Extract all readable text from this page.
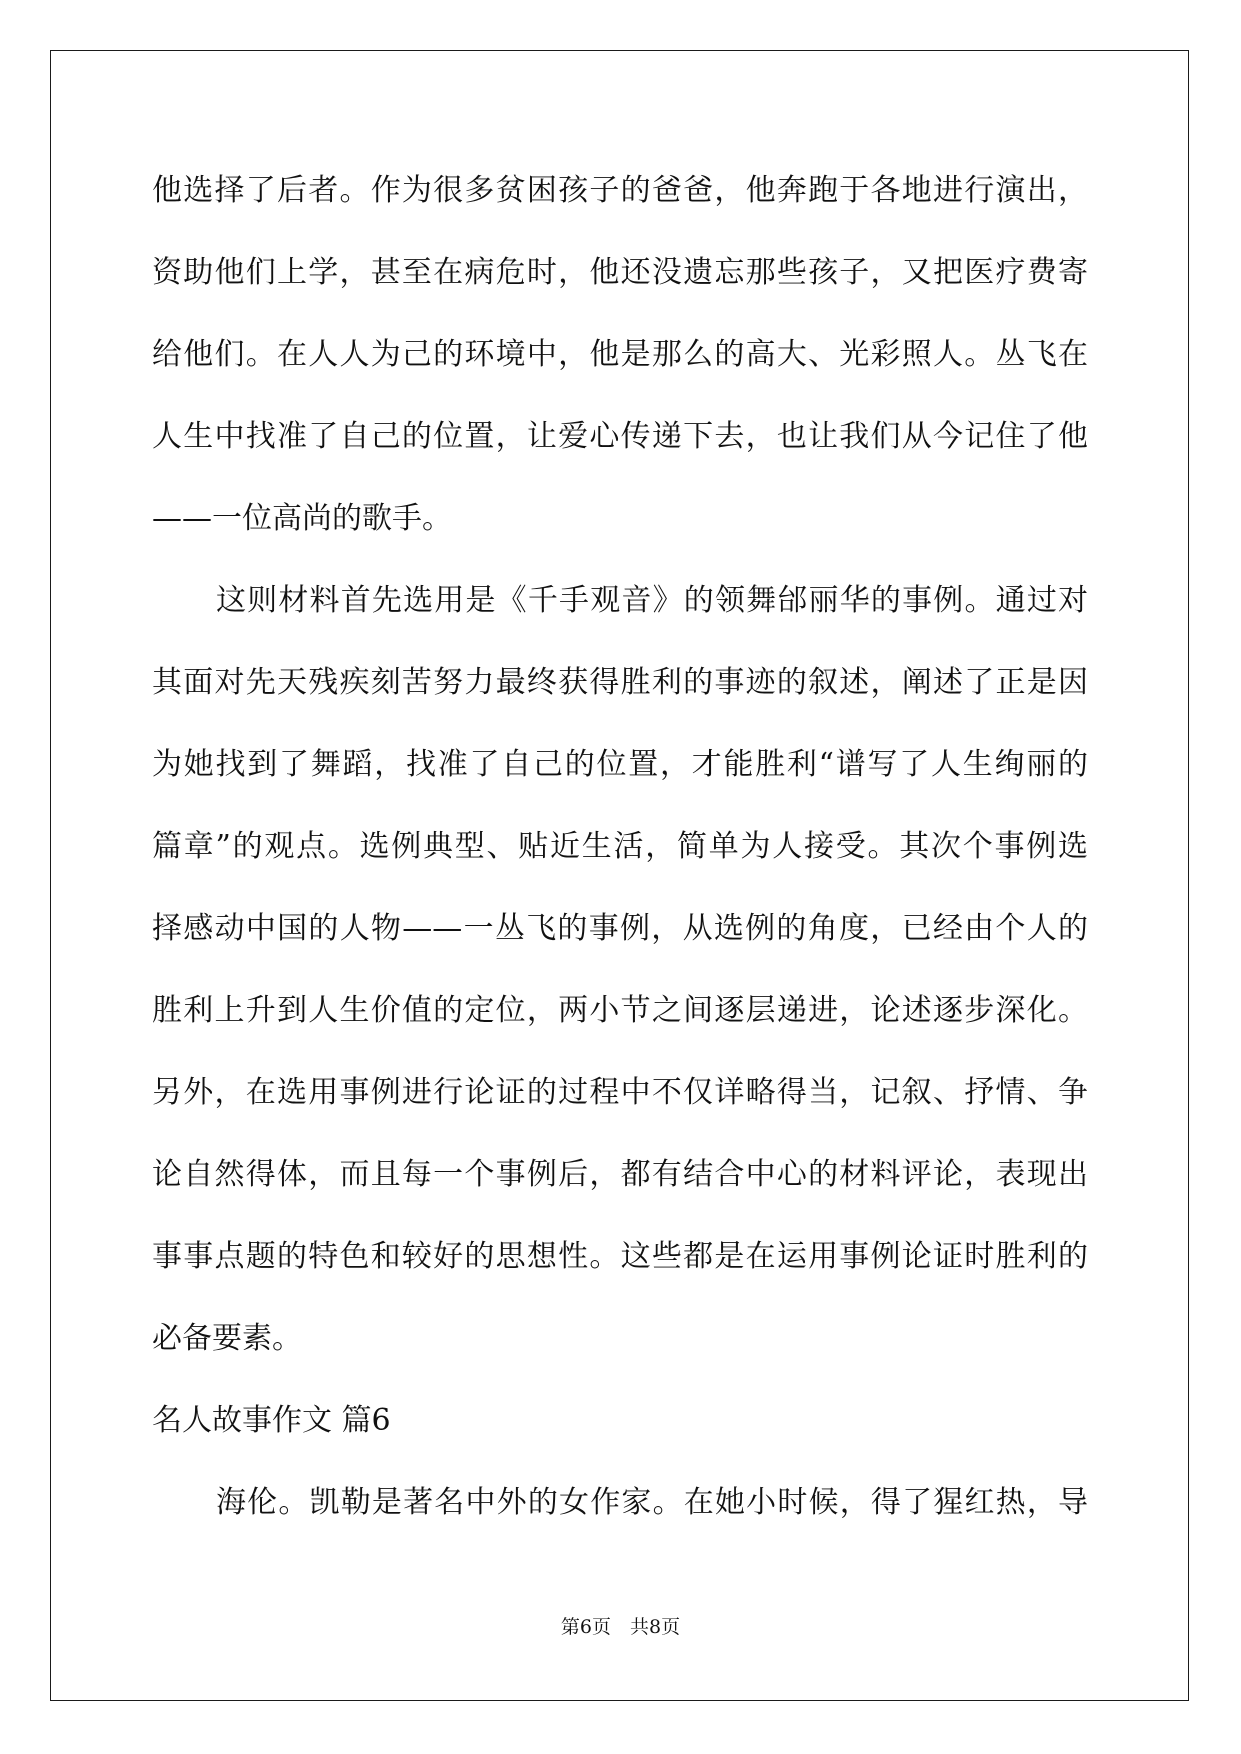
他选择了后者。作为很多贫困孩子的爸爸，他奔跑于各地进行演出，
资助他们上学，甚至在病危时，他还没遗忘那些孩子，又把医疗费寄
给他们。在人人为己的环境中，他是那么的高大、光彩照人。丛飞在
人生中找准了自己的位置，让爱心传递下去，也让我们从今记住了他
——一位高尚的歌手。
这则材料首先选用是《千手观音》的领舞邰丽华的事例。通过对
其面对先天残疾刻苦努力最终获得胜利的事迹的叙述，阐述了正是因
为她找到了舞蹈，找准了自己的位置，才能胜利“谱写了人生绚丽的
篇章”的观点。选例典型、贴近生活，简单为人接受。其次个事例选
择感动中国的人物——一丛飞的事例，从选例的角度，已经由个人的
胜利上升到人生价值的定位，两小节之间逐层递进，论述逐步深化。
另外，在选用事例进行论证的过程中不仅详略得当，记叙、抒情、争
论自然得体，而且每一个事例后，都有结合中心的材料评论，表现出
事事点题的特色和较好的思想性。这些都是在运用事例论证时胜利的
必备要素。
名人故事作文 篇6
海伦。凯勒是著名中外的女作家。在她小时候，得了猩红热，导
第6页　共8页
